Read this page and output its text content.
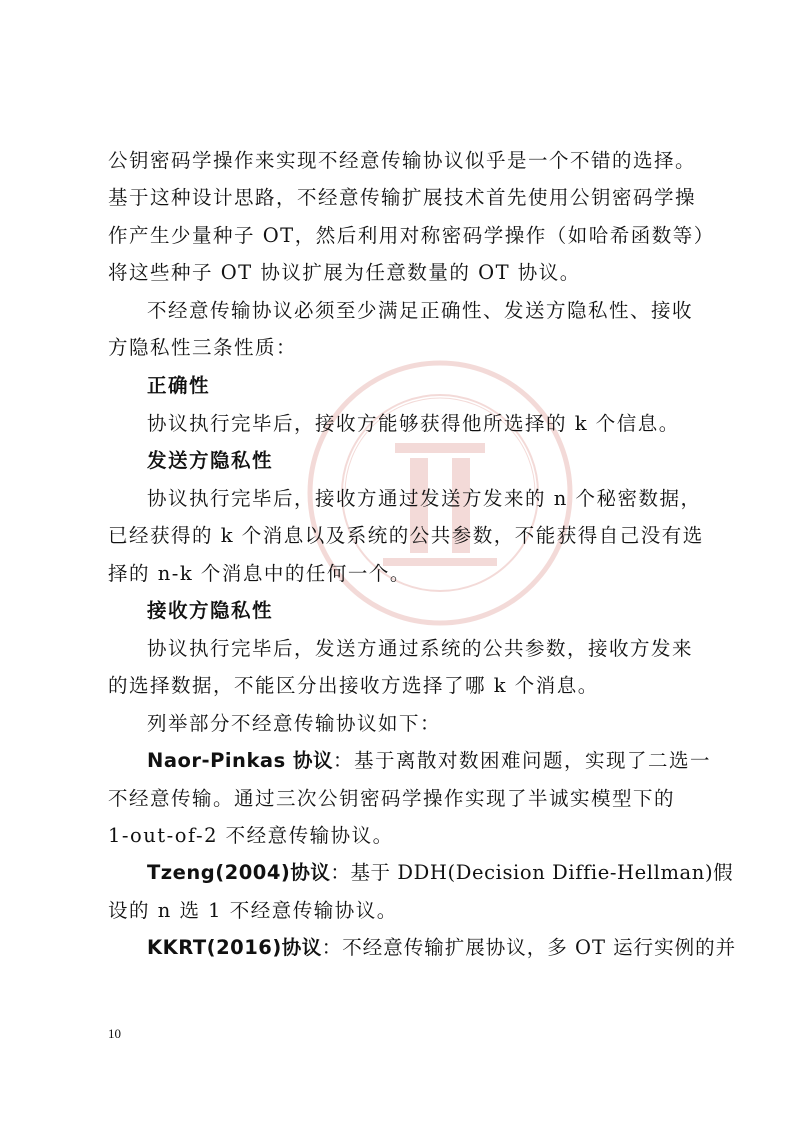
公钥密码学操作来实现不经意传输协议似乎是一个不错的选择。
基于这种设计思路，不经意传输扩展技术首先使用公钥密码学操
作产生少量种子 OT，然后利用对称密码学操作（如哈希函数等）
将这些种子 OT 协议扩展为任意数量的 OT 协议。
不经意传输协议必须至少满足正确性、发送方隐私性、接收
方隐私性三条性质：
正确性
协议执行完毕后，接收方能够获得他所选择的 k 个信息。
发送方隐私性
协议执行完毕后，接收方通过发送方发来的 n 个秘密数据，
已经获得的 k 个消息以及系统的公共参数，不能获得自己没有选
择的 n-k 个消息中的任何一个。
接收方隐私性
协议执行完毕后，发送方通过系统的公共参数，接收方发来
的选择数据，不能区分出接收方选择了哪 k 个消息。
列举部分不经意传输协议如下：
Naor-Pinkas 协议：基于离散对数困难问题，实现了二选一
不经意传输。通过三次公钥密码学操作实现了半诚实模型下的
1-out-of-2 不经意传输协议。
Tzeng(2004)协议：基于 DDH(Decision Diffie-Hellman)假
设的 n 选 1 不经意传输协议。
KKRT(2016)协议：不经意传输扩展协议，多 OT 运行实例的并
10
